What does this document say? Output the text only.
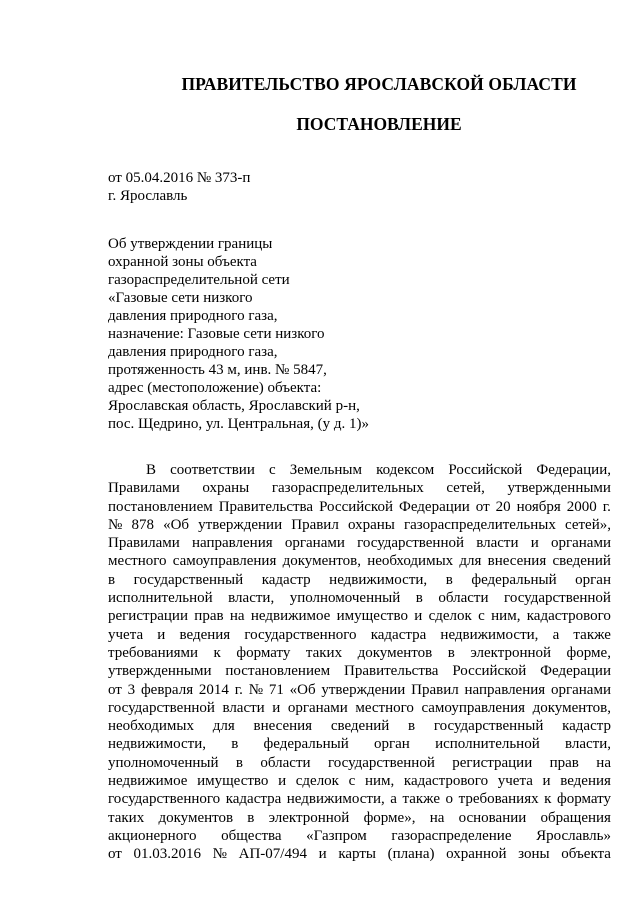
ПРАВИТЕЛЬСТВО ЯРОСЛАВСКОЙ ОБЛАСТИ
ПОСТАНОВЛЕНИЕ
от 05.04.2016 № 373-п
г. Ярославль
Об утверждении границы
охранной зоны объекта
газораспределительной сети
«Газовые сети низкого
давления природного газа,
назначение: Газовые сети низкого
давления природного газа,
протяженность 43 м, инв. № 5847,
адрес (местоположение) объекта:
Ярославская область, Ярославский р-н,
пос. Щедрино, ул. Центральная, (у д. 1)»
В соответствии с Земельным кодексом Российской Федерации,
Правилами охраны газораспределительных сетей, утвержденными
постановлением Правительства Российской Федерации от 20 ноября 2000 г.
№ 878 «Об утверждении Правил охраны газораспределительных сетей»,
Правилами направления органами государственной власти и органами
местного самоуправления документов, необходимых для внесения сведений
в государственный кадастр недвижимости, в федеральный орган
исполнительной власти, уполномоченный в области государственной
регистрации прав на недвижимое имущество и сделок с ним, кадастрового
учета и ведения государственного кадастра недвижимости, а также
требованиями к формату таких документов в электронной форме,
утвержденными постановлением Правительства Российской Федерации
от 3 февраля 2014 г. № 71 «Об утверждении Правил направления органами
государственной власти и органами местного самоуправления документов,
необходимых для внесения сведений в государственный кадастр
недвижимости, в федеральный орган исполнительной власти,
уполномоченный в области государственной регистрации прав на
недвижимое имущество и сделок с ним, кадастрового учета и ведения
государственного кадастра недвижимости, а также о требованиях к формату
таких документов в электронной форме», на основании обращения
акционерного общества «Газпром газораспределение Ярославль»
от 01.03.2016 № АП-07/494 и карты (плана) охранной зоны объекта
